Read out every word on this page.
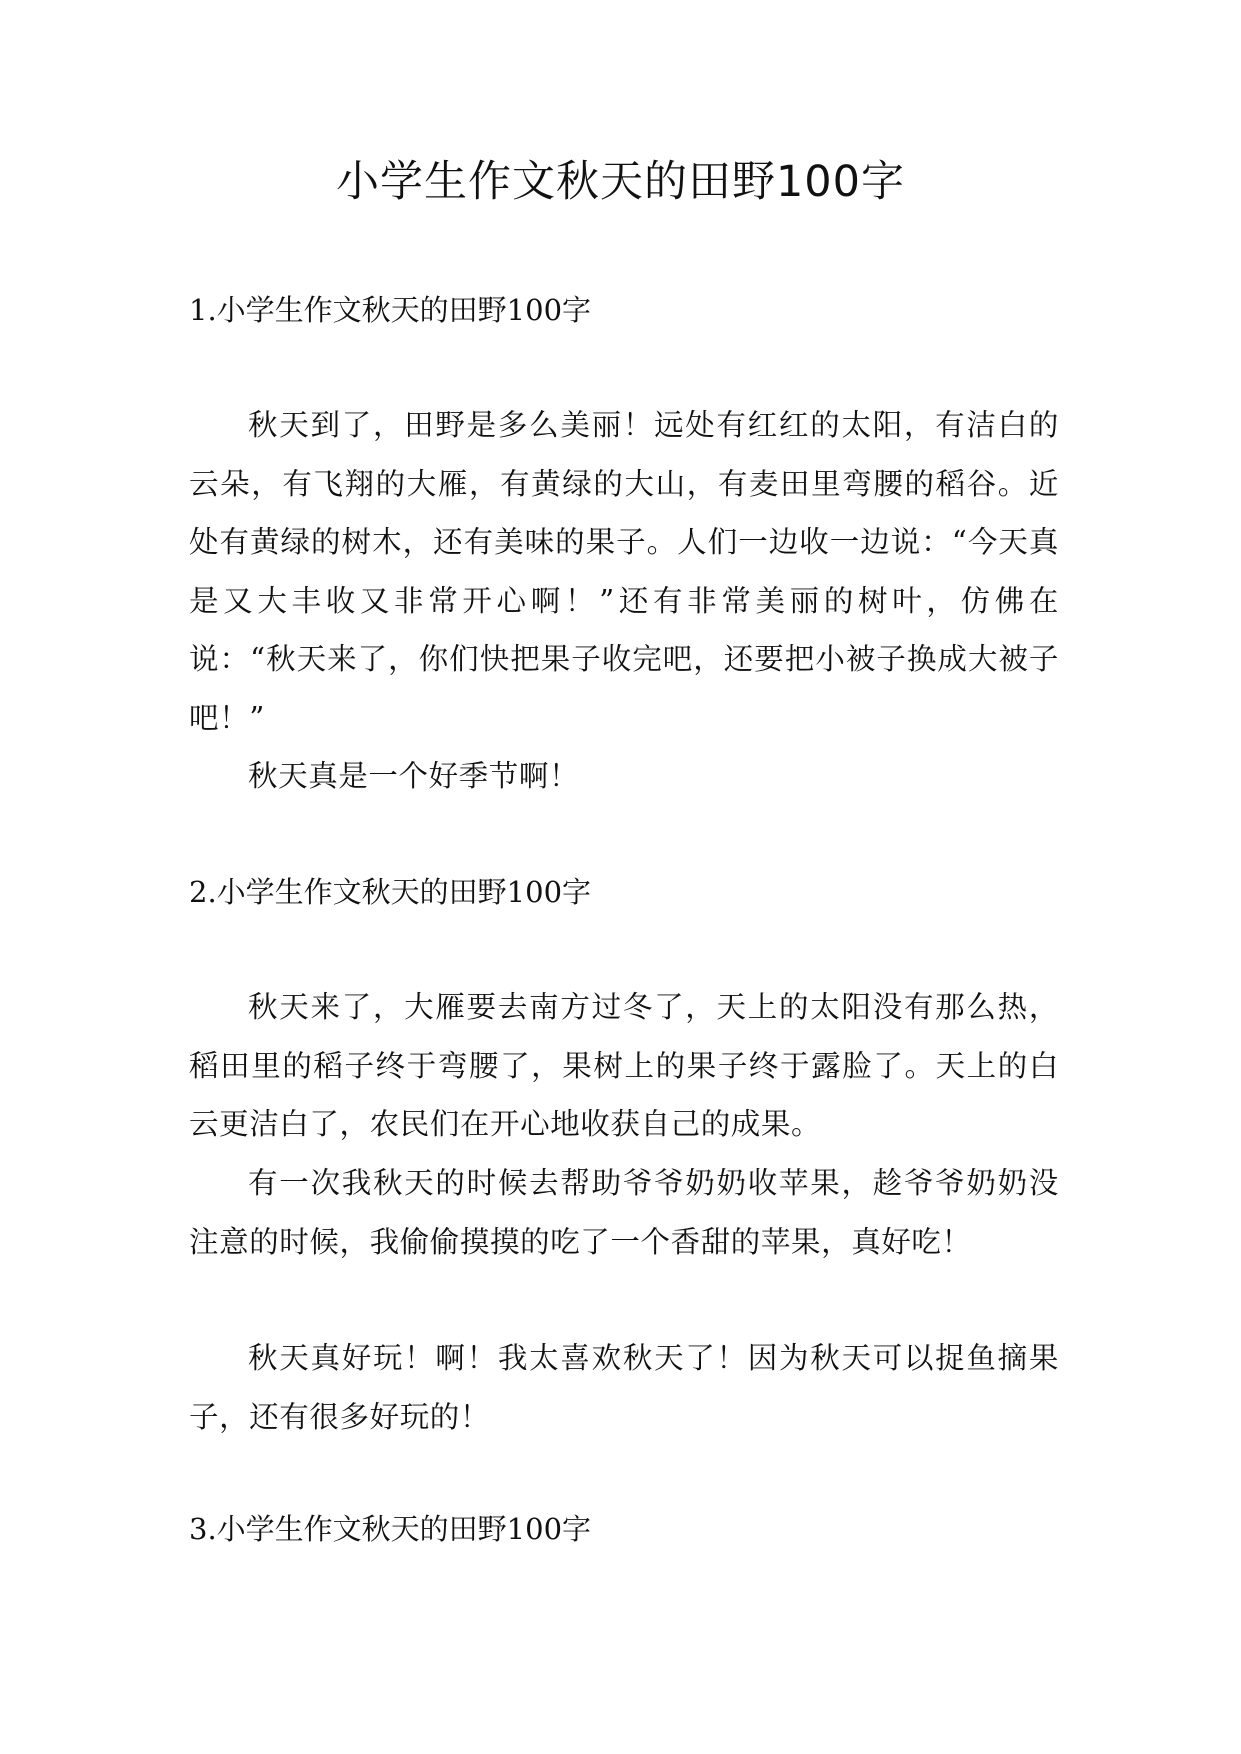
小学生作文秋天的田野100字
1.小学生作文秋天的田野100字

秋天到了，田野是多么美丽！远处有红红的太阳，有洁白的云朵，有飞翔的大雁，有黄绿的大山，有麦田里弯腰的稻谷。近处有黄绿的树木，还有美味的果子。人们一边收一边说：“今天真是又大丰收又非常开心啊！”还有非常美丽的树叶，仿佛在说：“秋天来了，你们快把果子收完吧，还要把小被子换成大被子吧！”

秋天真是一个好季节啊！

2.小学生作文秋天的田野100字

秋天来了，大雁要去南方过冬了，天上的太阳没有那么热，稻田里的稻子终于弯腰了，果树上的果子终于露脸了。天上的白云更洁白了，农民们在开心地收获自己的成果。

有一次我秋天的时候去帮助爷爷奶奶收苹果，趁爷爷奶奶没注意的时候，我偷偷摸摸的吃了一个香甜的苹果，真好吃！

秋天真好玩！啊！我太喜欢秋天了！因为秋天可以捉鱼摘果子，还有很多好玩的！

3.小学生作文秋天的田野100字
